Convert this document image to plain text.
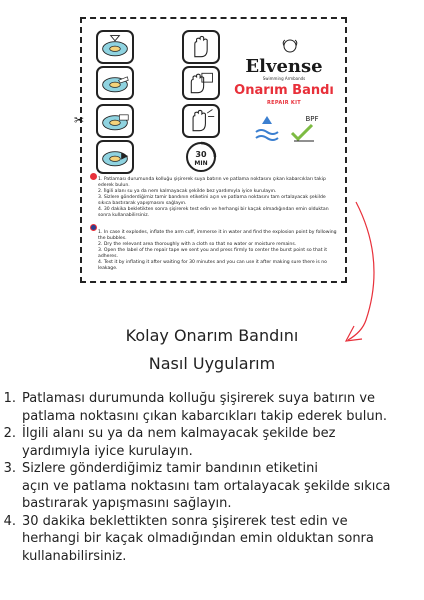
✂
30
MIN
Elvense
Swimming Armbands
Onarım Bandı
REPAIR KIT
BPF

1. Patlaması durumunda kolluğu şişirerek suya batırın ve patlama noktasını çıkan kabarcıkları takip ederek bulun.

2. İlgili alanı su ya da nem kalmayacak şekilde bez yardımıyla iyice kurulayın.

3. Sizlere gönderdiğimiz tamir bandının etiketini açın ve patlama noktasını tam ortalayacak şekilde sıkıca bastırarak yapışmasını sağlayın.

4. 30 dakika bekletikten sonra şişirerek test edin ve herhangi bir kaçak olmadığından emin olduktan sonra kullanabilirsiniz.

1. In case it explodes, inflate the arm cuff, immerse it in water and find the explosion point by following the bubbles.

2. Dry the relevant area thoroughly with a cloth so that no water or moisture remains.

3. Open the label of the repair tape we sent you and press firmly to center the burst point so that it adheres.

4. Test it by inflating it after waiting for 30 minutes and you can use it after making sure there is no leakage.

Kolay Onarım Bandını
Nasıl Uygularım
1. Patlaması durumunda kolluğu şişirerek suya batırın ve
patlama noktasını çıkan kabarcıkları takip ederek bulun.
2. İlgili alanı su ya da nem kalmayacak şekilde bez
yardımıyla iyice kurulayın.
3. Sizlere gönderdiğimiz tamir bandının etiketini
açın ve patlama noktasını tam ortalayacak şekilde sıkıca
bastırarak yapışmasını sağlayın.
4. 30 dakika beklettikten sonra şişirerek test edin ve
herhangi bir kaçak olmadığından emin olduktan sonra
kullanabilirsiniz.
